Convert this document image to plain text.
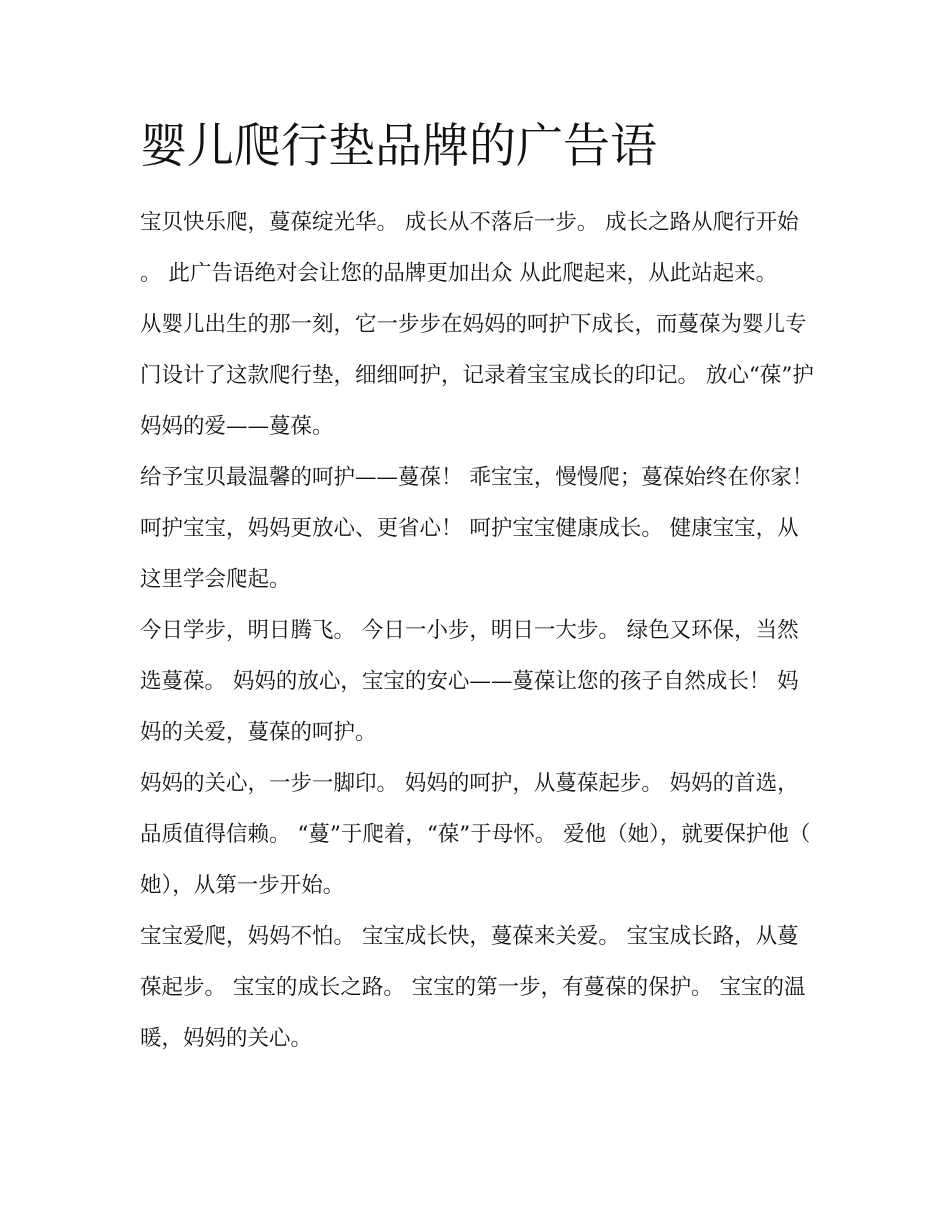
婴儿爬行垫品牌的广告语

宝贝快乐爬，蔓葆绽光华。 成长从不落后一步。 成长之路从爬行开始。 此广告语绝对会让您的品牌更加出众 从此爬起来，从此站起来。

从婴儿出生的那一刻，它一步步在妈妈的呵护下成长，而蔓葆为婴儿专门设计了这款爬行垫，细细呵护，记录着宝宝成长的印记。 放心“葆”护妈妈的爱——蔓葆。

给予宝贝最温馨的呵护——蔓葆！ 乖宝宝，慢慢爬；蔓葆始终在你家！ 呵护宝宝，妈妈更放心、更省心！ 呵护宝宝健康成长。 健康宝宝，从这里学会爬起。

今日学步，明日腾飞。 今日一小步，明日一大步。 绿色又环保，当然选蔓葆。 妈妈的放心，宝宝的安心——蔓葆让您的孩子自然成长！ 妈妈的关爱，蔓葆的呵护。

妈妈的关心，一步一脚印。 妈妈的呵护，从蔓葆起步。 妈妈的首选，品质值得信赖。 “蔓”于爬着，“葆”于母怀。 爱他（她），就要保护他（她），从第一步开始。

宝宝爱爬，妈妈不怕。 宝宝成长快，蔓葆来关爱。 宝宝成长路，从蔓葆起步。 宝宝的成长之路。 宝宝的第一步，有蔓葆的保护。 宝宝的温暖，妈妈的关心。
